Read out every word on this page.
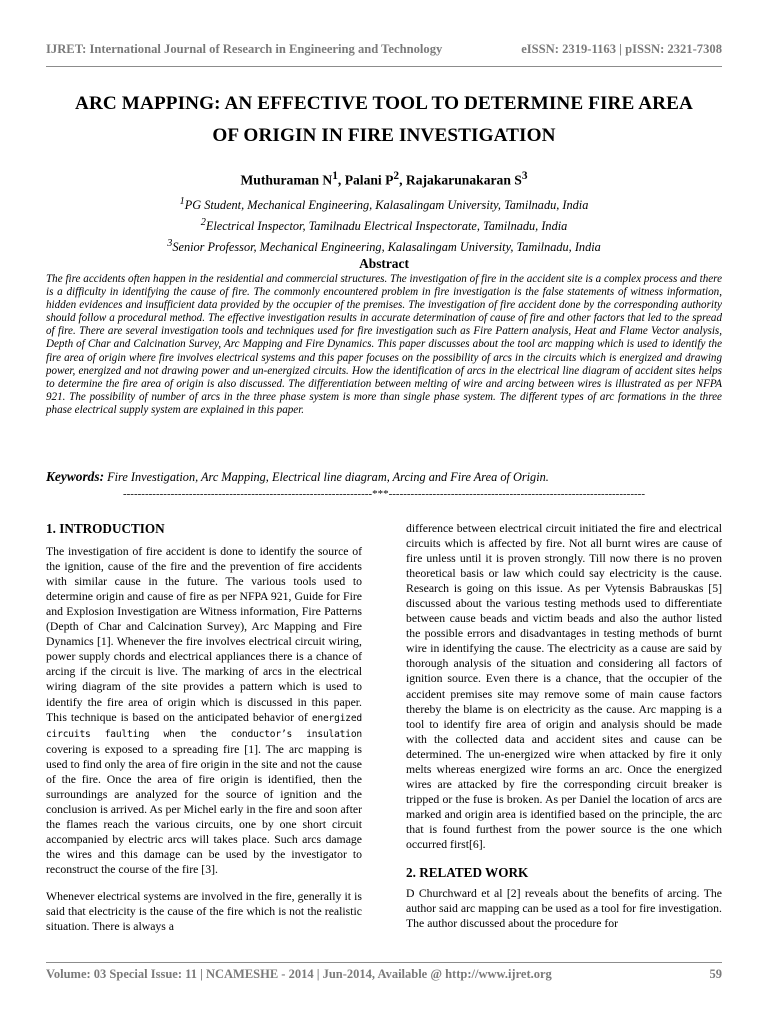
IJRET: International Journal of Research in Engineering and Technology	eISSN: 2319-1163 | pISSN: 2321-7308
ARC MAPPING: AN EFFECTIVE TOOL TO DETERMINE FIRE AREA
OF ORIGIN IN FIRE INVESTIGATION
Muthuraman $N^1$, Palani $P^2$, Rajakarunakaran $S^3$
$^1$PG Student, Mechanical Engineering, Kalasalingam University, Tamilnadu, India
$^2$Electrical Inspector, Tamilnadu Electrical Inspectorate, Tamilnadu, India
$^3$Senior Professor, Mechanical Engineering, Kalasalingam University, Tamilnadu, India
Abstract
The fire accidents often happen in the residential and commercial structures. The investigation of fire in the accident site is a complex process and there is a difficulty in identifying the cause of fire. The commonly encountered problem in fire investigation is the false statements of witness information, hidden evidences and insufficient data provided by the occupier of the premises. The investigation of fire accident done by the corresponding authority should follow a procedural method. The effective investigation results in accurate determination of cause of fire and other factors that led to the spread of fire. There are several investigation tools and techniques used for fire investigation such as Fire Pattern analysis, Heat and Flame Vector analysis, Depth of Char and Calcination Survey, Arc Mapping and Fire Dynamics. This paper discusses about the tool arc mapping which is used to identify the fire area of origin where fire involves electrical systems and this paper focuses on the possibility of arcs in the circuits which is energized and drawing power, energized and not drawing power and un-energized circuits. How the identification of arcs in the electrical line diagram of accident sites helps to determine the fire area of origin is also discussed. The differentiation between melting of wire and arcing between wires is illustrated as per NFPA 921. The possibility of number of arcs in the three phase system is more than single phase system. The different types of arc formations in the three phase electrical supply system are explained in this paper.
Keywords: Fire Investigation, Arc Mapping, Electrical line diagram, Arcing and Fire Area of Origin.
--------------------------------------------------------------------***----------------------------------------------------------------------
1. INTRODUCTION

The investigation of fire accident is done to identify the source of the ignition, cause of the fire and the prevention of fire accidents with similar cause in the future. The various tools used to determine origin and cause of fire as per NFPA 921, Guide for Fire and Explosion Investigation are Witness information, Fire Patterns (Depth of Char and Calcination Survey), Arc Mapping and Fire Dynamics [1]. Whenever the fire involves electrical circuit wiring, power supply chords and electrical appliances there is a chance of arcing if the circuit is live. The marking of arcs in the electrical wiring diagram of the site provides a pattern which is used to identify the fire area of origin which is discussed in this paper. This technique is based on the anticipated behavior of energized circuits faulting when the conductor’s insulation covering is exposed to a spreading fire [1]. The arc mapping is used to find only the area of fire origin in the site and not the cause of the fire. Once the area of fire origin is identified, then the surroundings are analyzed for the source of ignition and the conclusion is arrived. As per Michel early in the fire and soon after the flames reach the various circuits, one by one short circuit accompanied by electric arcs will takes place. Such arcs damage the wires and this damage can be used by the investigator to reconstruct the course of the fire [3].

Whenever electrical systems are involved in the fire, generally it is said that electricity is the cause of the fire which is not the realistic situation. There is always a

difference between electrical circuit initiated the fire and electrical circuits which is affected by fire. Not all burnt wires are cause of fire unless until it is proven strongly. Till now there is no proven theoretical basis or law which could say electricity is the cause. Research is going on this issue. As per Vytensis Babrauskas [5] discussed about the various testing methods used to differentiate between cause beads and victim beads and also the author listed the possible errors and disadvantages in testing methods of burnt wire in identifying the cause. The electricity as a cause are said by thorough analysis of the situation and considering all factors of ignition source. Even there is a chance, that the occupier of the accident premises site may remove some of main cause factors thereby the blame is on electricity as the cause. Arc mapping is a tool to identify fire area of origin and analysis should be made with the collected data and accident sites and cause can be determined. The un-energized wire when attacked by fire it only melts whereas energized wire forms an arc. Once the energized wires are attacked by fire the corresponding circuit breaker is tripped or the fuse is broken. As per Daniel the location of arcs are marked and origin area is identified based on the principle, the arc that is found furthest from the power source is the one which occurred first[6].

2. RELATED WORK

D Churchward et al [2] reveals about the benefits of arcing. The author said arc mapping can be used as a tool for fire investigation. The author discussed about the procedure for

Volume: 03 Special Issue: 11 | NCAMESHE - 2014 | Jun-2014, Available @ http://www.ijret.org	59
